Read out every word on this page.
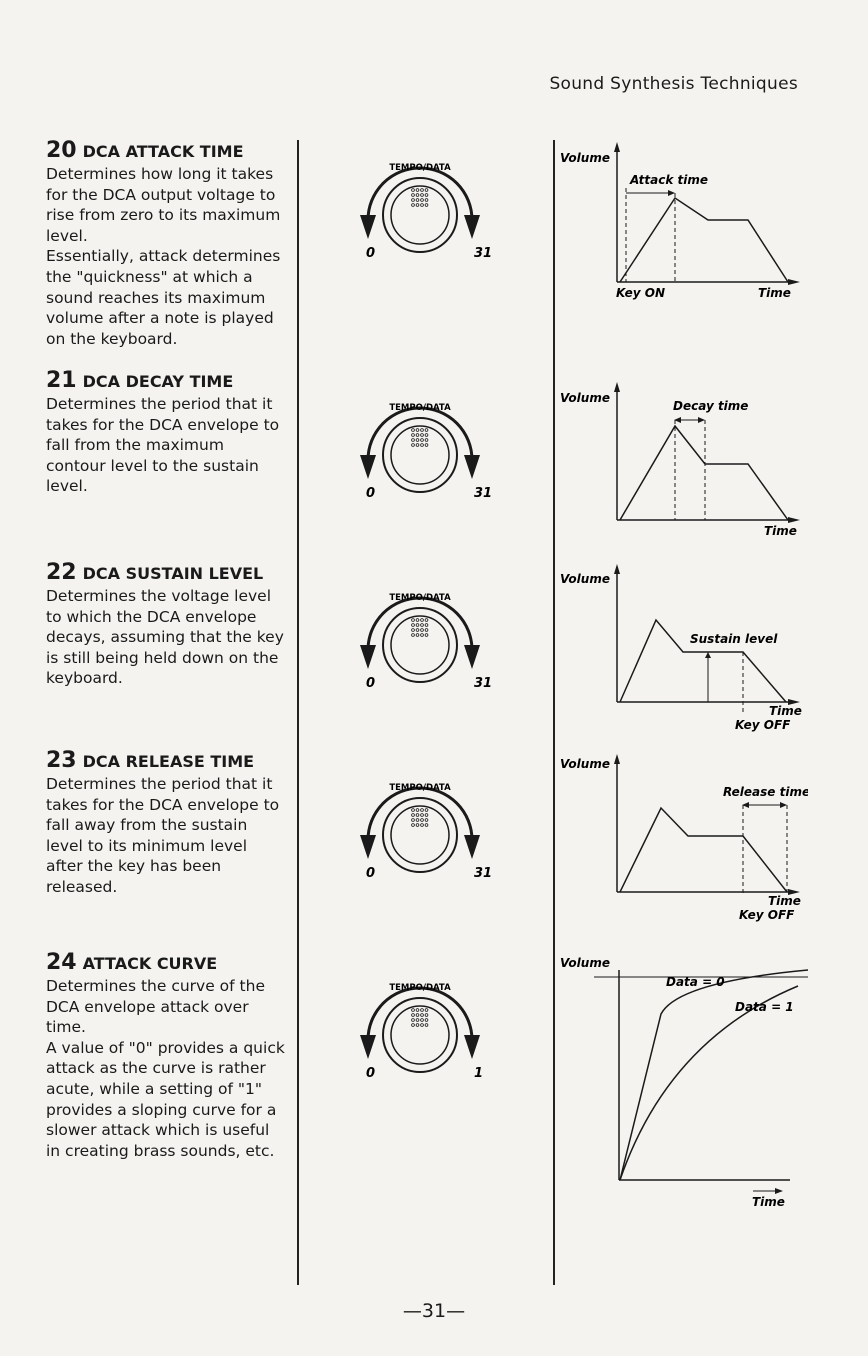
Sound Synthesis Techniques
20 DCA ATTACK TIME
Determines how long it takes for the DCA output voltage to rise from zero to its maximum level.
Essentially, attack determines the "quickness" at which a sound reaches its maximum volume after a note is played on the keyboard.
21 DCA DECAY TIME
Determines the period that it takes for the DCA envelope to fall from the maximum contour level to the sustain level.
22 DCA SUSTAIN LEVEL
Determines the voltage level to which the DCA envelope decays, assuming that the key is still being held down on the keyboard.
23 DCA RELEASE TIME
Determines the period that it takes for the DCA envelope to fall away from the sustain level to its minimum level after the key has been released.
24 ATTACK CURVE
Determines the curve of the DCA envelope attack over time.
A value of "0" provides a quick attack as the curve is rather acute, while a setting of "1" provides a sloping curve for a slower attack which is useful in creating brass sounds, etc.
TEMPO/DATA
0	31
TEMPO/DATA
0	31
TEMPO/DATA
0	31
TEMPO/DATA
0	31
TEMPO/DATA
0	1
Volume
Attack time
Key ON	Time
Volume
Decay time
Time
Volume
Sustain level
Time
Key OFF
Volume
Release time
Time
Key OFF
Volume
Data = 0
Data = 1
Time
—31—
